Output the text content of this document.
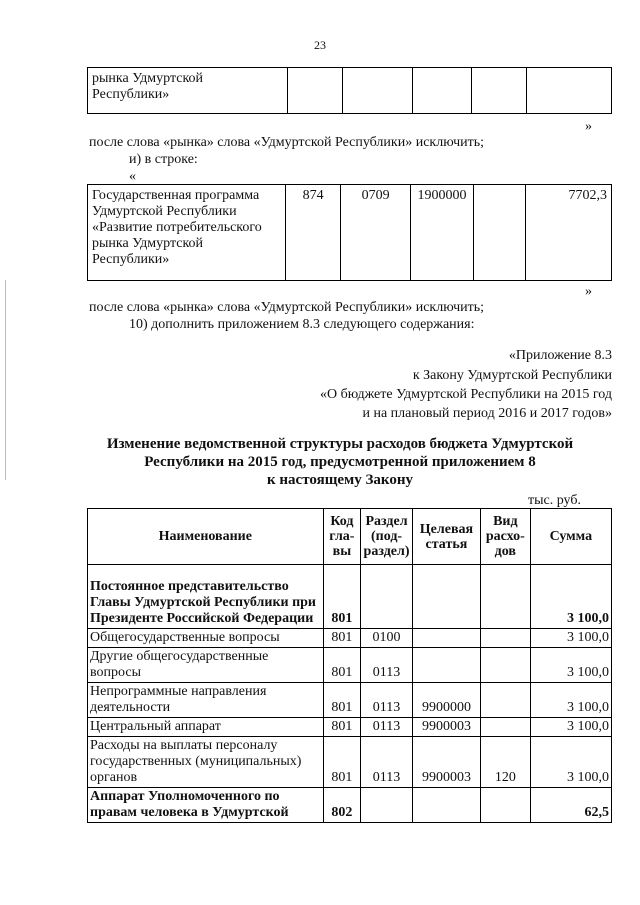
23
рынка Удмуртской Республики»					
»
после слова «рынка» слова «Удмуртской Республики» исключить;
и) в строке:
«
Государственная программа Удмуртской Республики «Развитие потребительского рынка Удмуртской Республики»	874	0709	1900000		7702,3
»
после слова «рынка» слова «Удмуртской Республики» исключить;
10) дополнить приложением 8.3 следующего содержания:
«Приложение 8.3
к Закону Удмуртской Республики
«О бюджете Удмуртской Республики на 2015 год
и на плановый период 2016 и 2017 годов»
Изменение ведомственной структуры расходов бюджета Удмуртской
Республики на 2015 год, предусмотренной приложением 8
к настоящему Закону
тыс. руб.
Наименование	Код гла-вы	Раздел (под-раздел)	Целевая статья	Вид расхо-дов	Сумма
Постоянное представительство Главы Удмуртской Республики при Президенте Российской Федерации	801				3 100,0
Общегосударственные вопросы	801	0100			3 100,0
Другие общегосударственные вопросы	801	0113			3 100,0
Непрограммные направления деятельности	801	0113	9900000		3 100,0
Центральный аппарат	801	0113	9900003		3 100,0
Расходы на выплаты персоналу государственных (муниципальных) органов	801	0113	9900003	120	3 100,0
Аппарат Уполномоченного по правам человека в Удмуртской	802				62,5
